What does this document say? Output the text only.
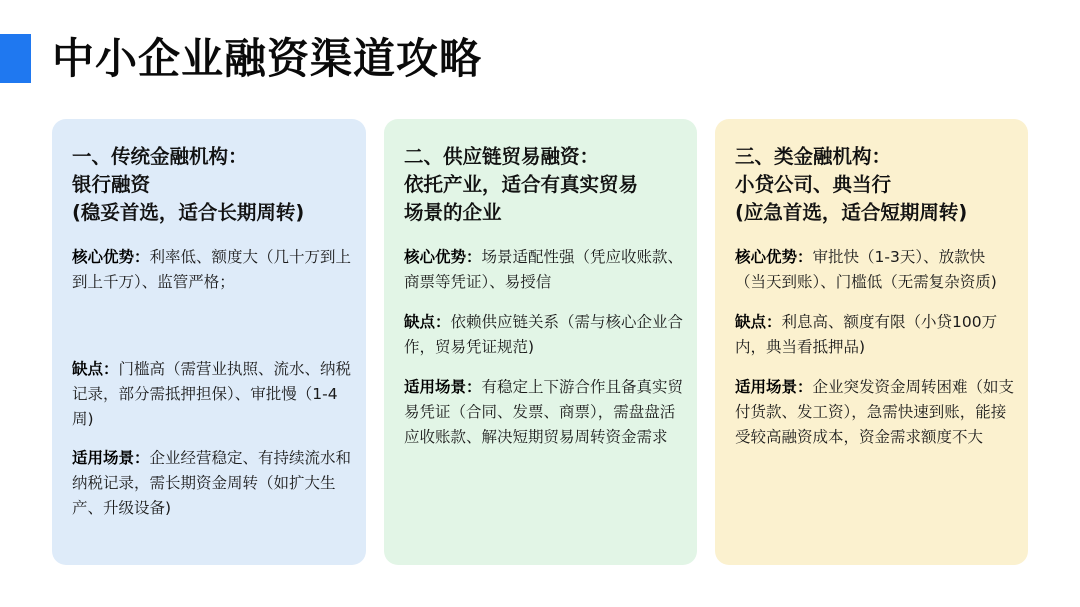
中小企业融资渠道攻略
一、传统金融机构：
银行融资
(稳妥首选，适合长期周转)
核心优势：利率低、额度大（几十万到上到上千万）、监管严格；
缺点：门槛高（需营业执照、流水、纳税记录，部分需抵押担保）、审批慢（1-4周)
适用场景：企业经营稳定、有持续流水和纳税记录，需长期资金周转（如扩大生产、升级设备)
二、供应链贸易融资：
依托产业，适合有真实贸易
场景的企业
核心优势：场景适配性强（凭应收账款、商票等凭证）、易授信
缺点：依赖供应链关系（需与核心企业合作，贸易凭证规范)
适用场景：有稳定上下游合作且备真实贸易凭证（合同、发票、商票），需盘盘活应收账款、解决短期贸易周转资金需求
三、类金融机构：
小贷公司、典当行
(应急首选，适合短期周转)
核心优势：审批快（1-3天）、放款快（当天到账）、门槛低（无需复杂资质)
缺点：利息高、额度有限（小贷100万内，典当看抵押品)
适用场景：企业突发资金周转困难（如支付货款、发工资），急需快速到账，能接受较高融资成本，资金需求额度不大
